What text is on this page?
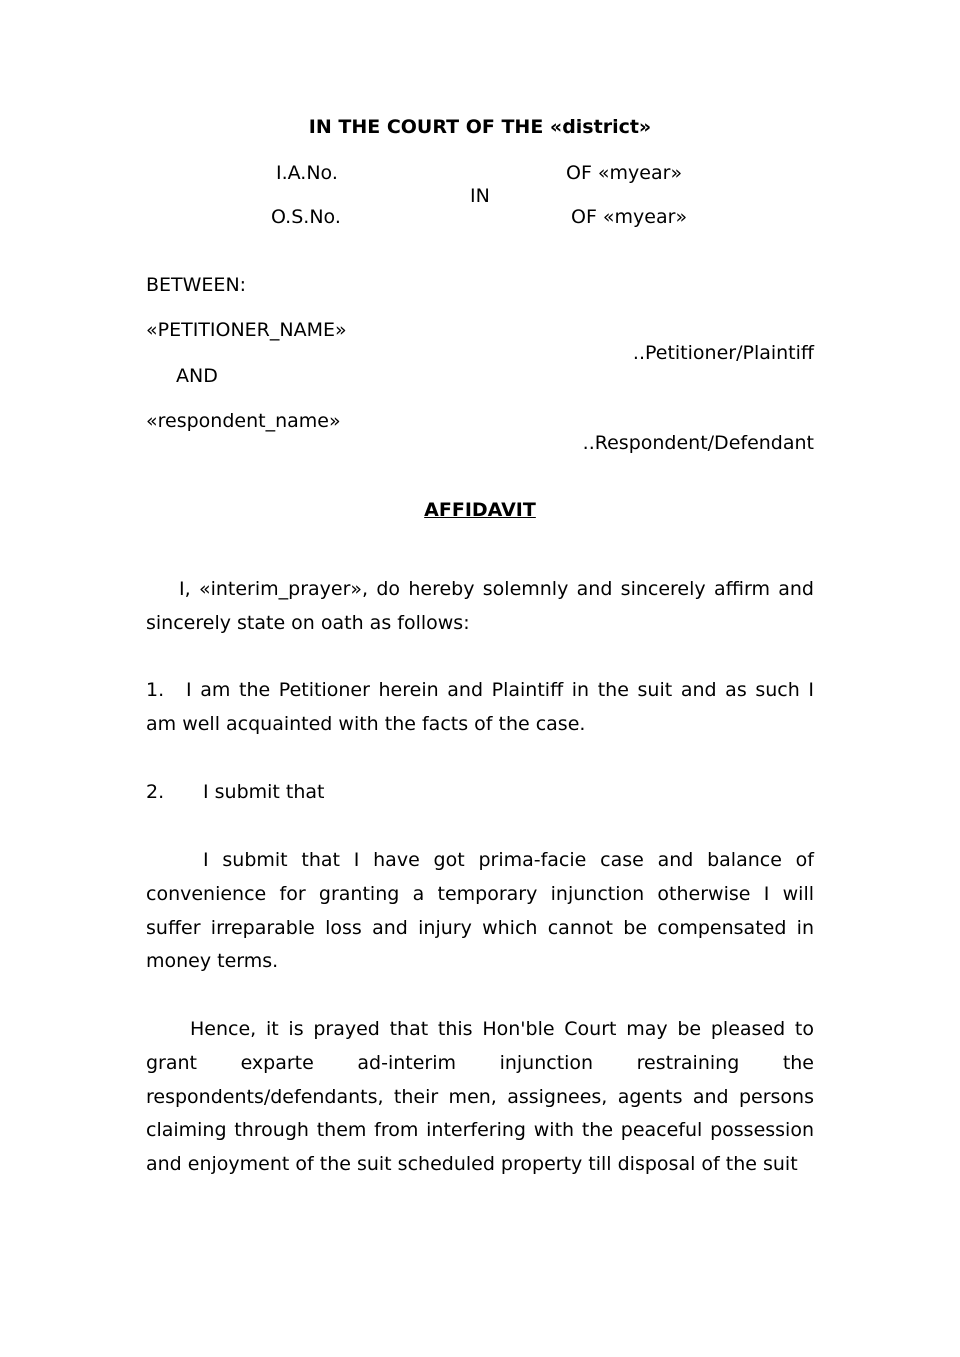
IN THE COURT OF THE «district»
I.A.No.	OF «myear»
IN
O.S.No.	OF «myear»
BETWEEN:
«PETITIONER_NAME»
..Petitioner/Plaintiff
AND
«respondent_name»
..Respondent/Defendant
AFFIDAVIT

I, «interim_prayer», do hereby solemnly and sincerely affirm and sincerely state on oath as follows:

1. I am the Petitioner herein and Plaintiff in the suit and as such I am well acquainted with the facts of the case.

2. I submit that

I submit that I have got prima-facie case and balance of convenience for granting a temporary injunction otherwise I will suffer irreparable loss and injury which cannot be compensated in money terms.

Hence, it is prayed that this Hon'ble Court may be pleased to grant exparte ad-interim injunction restraining the respondents/defendants, their men, assignees, agents and persons claiming through them from interfering with the peaceful possession and enjoyment of the suit scheduled property till disposal of the suit
